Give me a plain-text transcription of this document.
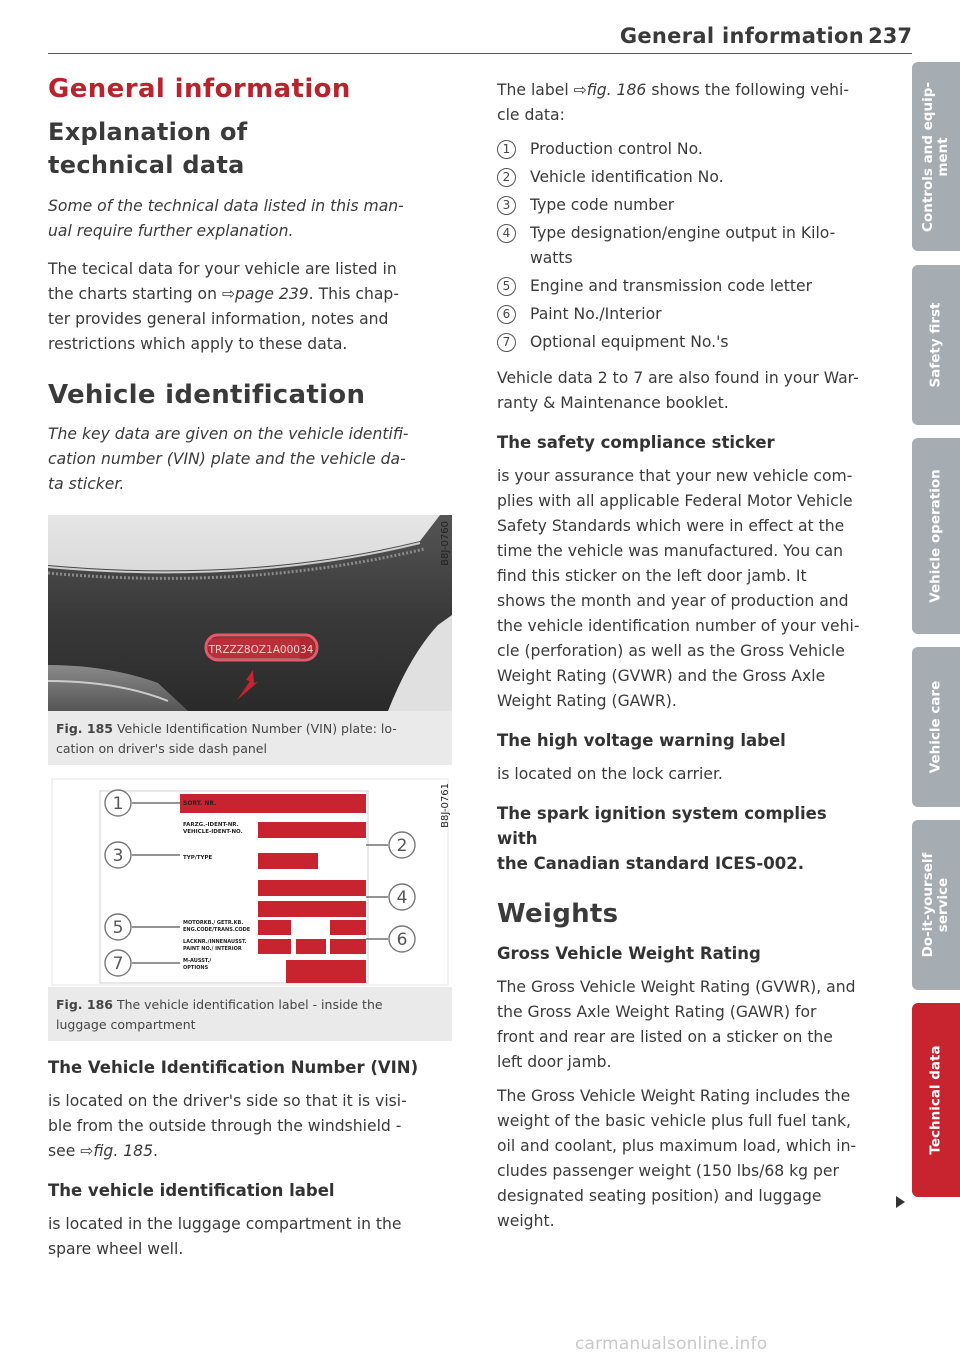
General information 237
General information
Explanation of
technical data

Some of the technical data listed in this man-
ual require further explanation.

The tecical data for your vehicle are listed in
the charts starting on ⇨page 239. This chap-
ter provides general information, notes and
restrictions which apply to these data.

Vehicle identification

The key data are given on the vehicle identifi-
cation number (VIN) plate and the vehicle da-
ta sticker.

TRZZZ8OZ1A00034
B8J-0760
Fig. 185 Vehicle Identification Number (VIN) plate: lo-
cation on driver's side dash panel
SORT. NR.
FARZG.-IDENT-NR.
VEHICLE-IDENT-NO.
TYP/TYPE
MOTORKB./ GETR.KB.
ENG.CODE/TRANS.CODE
LACKNR./INNENAUSST.
PAINT NO./ INTERIOR
M-AUSST./
OPTIONS
1
2
3
4
5
6
7
B8J-0761
Fig. 186 The vehicle identification label - inside the
luggage compartment
The Vehicle Identification Number (VIN)

is located on the driver's side so that it is visi-
ble from the outside through the windshield -
see ⇨fig. 185.

The vehicle identification label

is located in the luggage compartment in the
spare wheel well.

The label ⇨fig. 186 shows the following vehi-
cle data:

1	Production control No.
2	Vehicle identification No.
3	Type code number
4	Type designation/engine output in Kilo-
watts
5	Engine and transmission code letter
6	Paint No./Interior
7	Optional equipment No.'s

Vehicle data 2 to 7 are also found in your War-
ranty & Maintenance booklet.

The safety compliance sticker

is your assurance that your new vehicle com-
plies with all applicable Federal Motor Vehicle
Safety Standards which were in effect at the
time the vehicle was manufactured. You can
find this sticker on the left door jamb. It
shows the month and year of production and
the vehicle identification number of your vehi-
cle (perforation) as well as the Gross Vehicle
Weight Rating (GVWR) and the Gross Axle
Weight Rating (GAWR).

The high voltage warning label

is located on the lock carrier.

The spark ignition system complies with
the Canadian standard ICES-002.
Weights
Gross Vehicle Weight Rating

The Gross Vehicle Weight Rating (GVWR), and
the Gross Axle Weight Rating (GAWR) for
front and rear are listed on a sticker on the
left door jamb.

The Gross Vehicle Weight Rating includes the
weight of the basic vehicle plus full fuel tank,
oil and coolant, plus maximum load, which in-
cludes passenger weight (150 lbs/68 kg per
designated seating position) and luggage
weight.

Controls and equip-
ment
Safety first
Vehicle operation
Vehicle care
Do-it-yourself
service
Technical data
carmanualsonline.info
